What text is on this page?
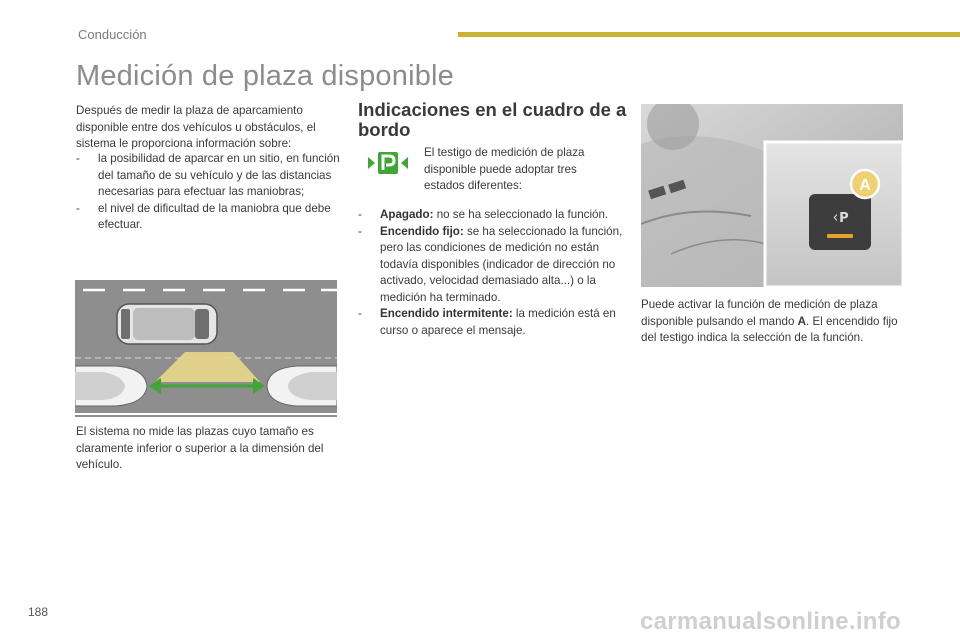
Conducción
Medición de plaza disponible
Después de medir la plaza de aparcamiento disponible entre dos vehículos u obstáculos, el sistema le proporciona información sobre:
- la posibilidad de aparcar en un sitio, en función del tamaño de su vehículo y de las distancias necesarias para efectuar las maniobras;
- el nivel de dificultad de la maniobra que debe efectuar.
El sistema no mide las plazas cuyo tamaño es claramente inferior o superior a la dimensión del vehículo.
Indicaciones en el cuadro de a bordo
El testigo de medición de plaza disponible puede adoptar tres estados diferentes:
- Apagado: no se ha seleccionado la función.
- Encendido fijo: se ha seleccionado la función, pero las condiciones de medición no están todavía disponibles (indicador de dirección no activado, velocidad demasiado alta...) o la medición ha terminado.
- Encendido intermitente: la medición está en curso o aparece el mensaje.
ᚲP
A
Puede activar la función de medición de plaza disponible pulsando el mando A. El encendido fijo del testigo indica la selección de la función.
188	carmanualsonline.info
